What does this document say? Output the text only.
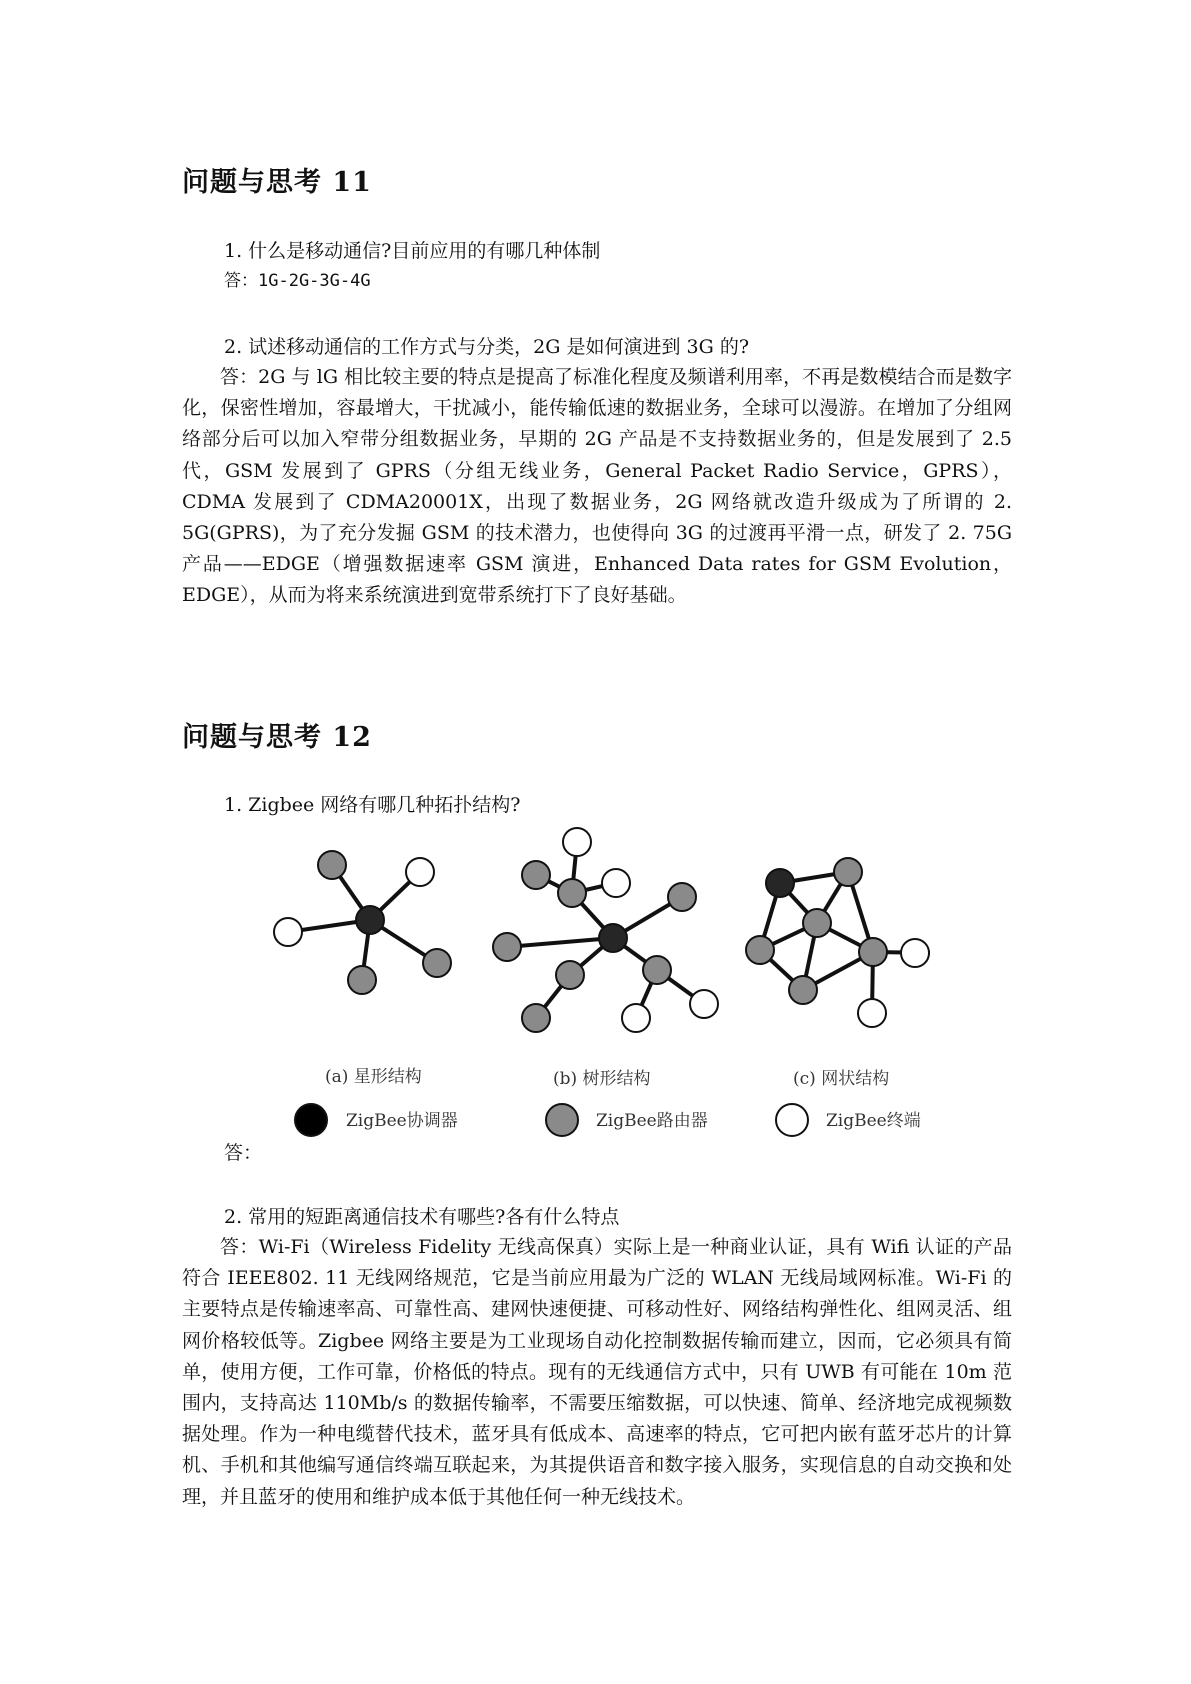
问题与思考 11
1. 什么是移动通信?目前应用的有哪几种体制
答：1G-2G-3G-4G
2. 试述移动通信的工作方式与分类，2G 是如何演进到 3G 的?
答：2G 与 lG 相比较主要的特点是提高了标准化程度及频谱利用率，不再是数模结合而是数字化，保密性增加，容最增大，干扰减小，能传输低速的数据业务，全球可以漫游。在增加了分组网络部分后可以加入窄带分组数据业务，早期的 2G 产品是不支持数据业务的，但是发展到了 2.5 代，GSM 发展到了 GPRS（分组无线业务，General Packet Radio Service，GPRS），CDMA 发展到了 CDMA20001X，出现了数据业务，2G 网络就改造升级成为了所谓的 2. 5G(GPRS)，为了充分发掘 GSM 的技术潜力，也使得向 3G 的过渡再平滑一点，研发了 2. 75G 产品——EDGE（增强数据速率 GSM 演进，Enhanced Data rates for GSM Evolution，EDGE），从而为将来系统演进到宽带系统打下了良好基础。
问题与思考 12
1. Zigbee 网络有哪几种拓扑结构?
(a) 星形结构	(b) 树形结构	(c) 网状结构
ZigBee协调器	ZigBee路由器	ZigBee终端
答：
2. 常用的短距离通信技术有哪些?各有什么特点
答：Wi-Fi（Wireless Fidelity 无线高保真）实际上是一种商业认证，具有 Wifi 认证的产品符合 IEEE802. 11 无线网络规范，它是当前应用最为广泛的 WLAN 无线局域网标准。Wi-Fi 的主要特点是传输速率高、可靠性高、建网快速便捷、可移动性好、网络结构弹性化、组网灵活、组网价格较低等。Zigbee 网络主要是为工业现场自动化控制数据传输而建立，因而，它必须具有简单，使用方便，工作可靠，价格低的特点。现有的无线通信方式中，只有 UWB 有可能在 10m 范围内，支持高达 110Mb/s 的数据传输率，不需要压缩数据，可以快速、简单、经济地完成视频数据处理。作为一种电缆替代技术，蓝牙具有低成本、高速率的特点，它可把内嵌有蓝牙芯片的计算机、手机和其他编写通信终端互联起来，为其提供语音和数字接入服务，实现信息的自动交换和处理，并且蓝牙的使用和维护成本低于其他任何一种无线技术。
